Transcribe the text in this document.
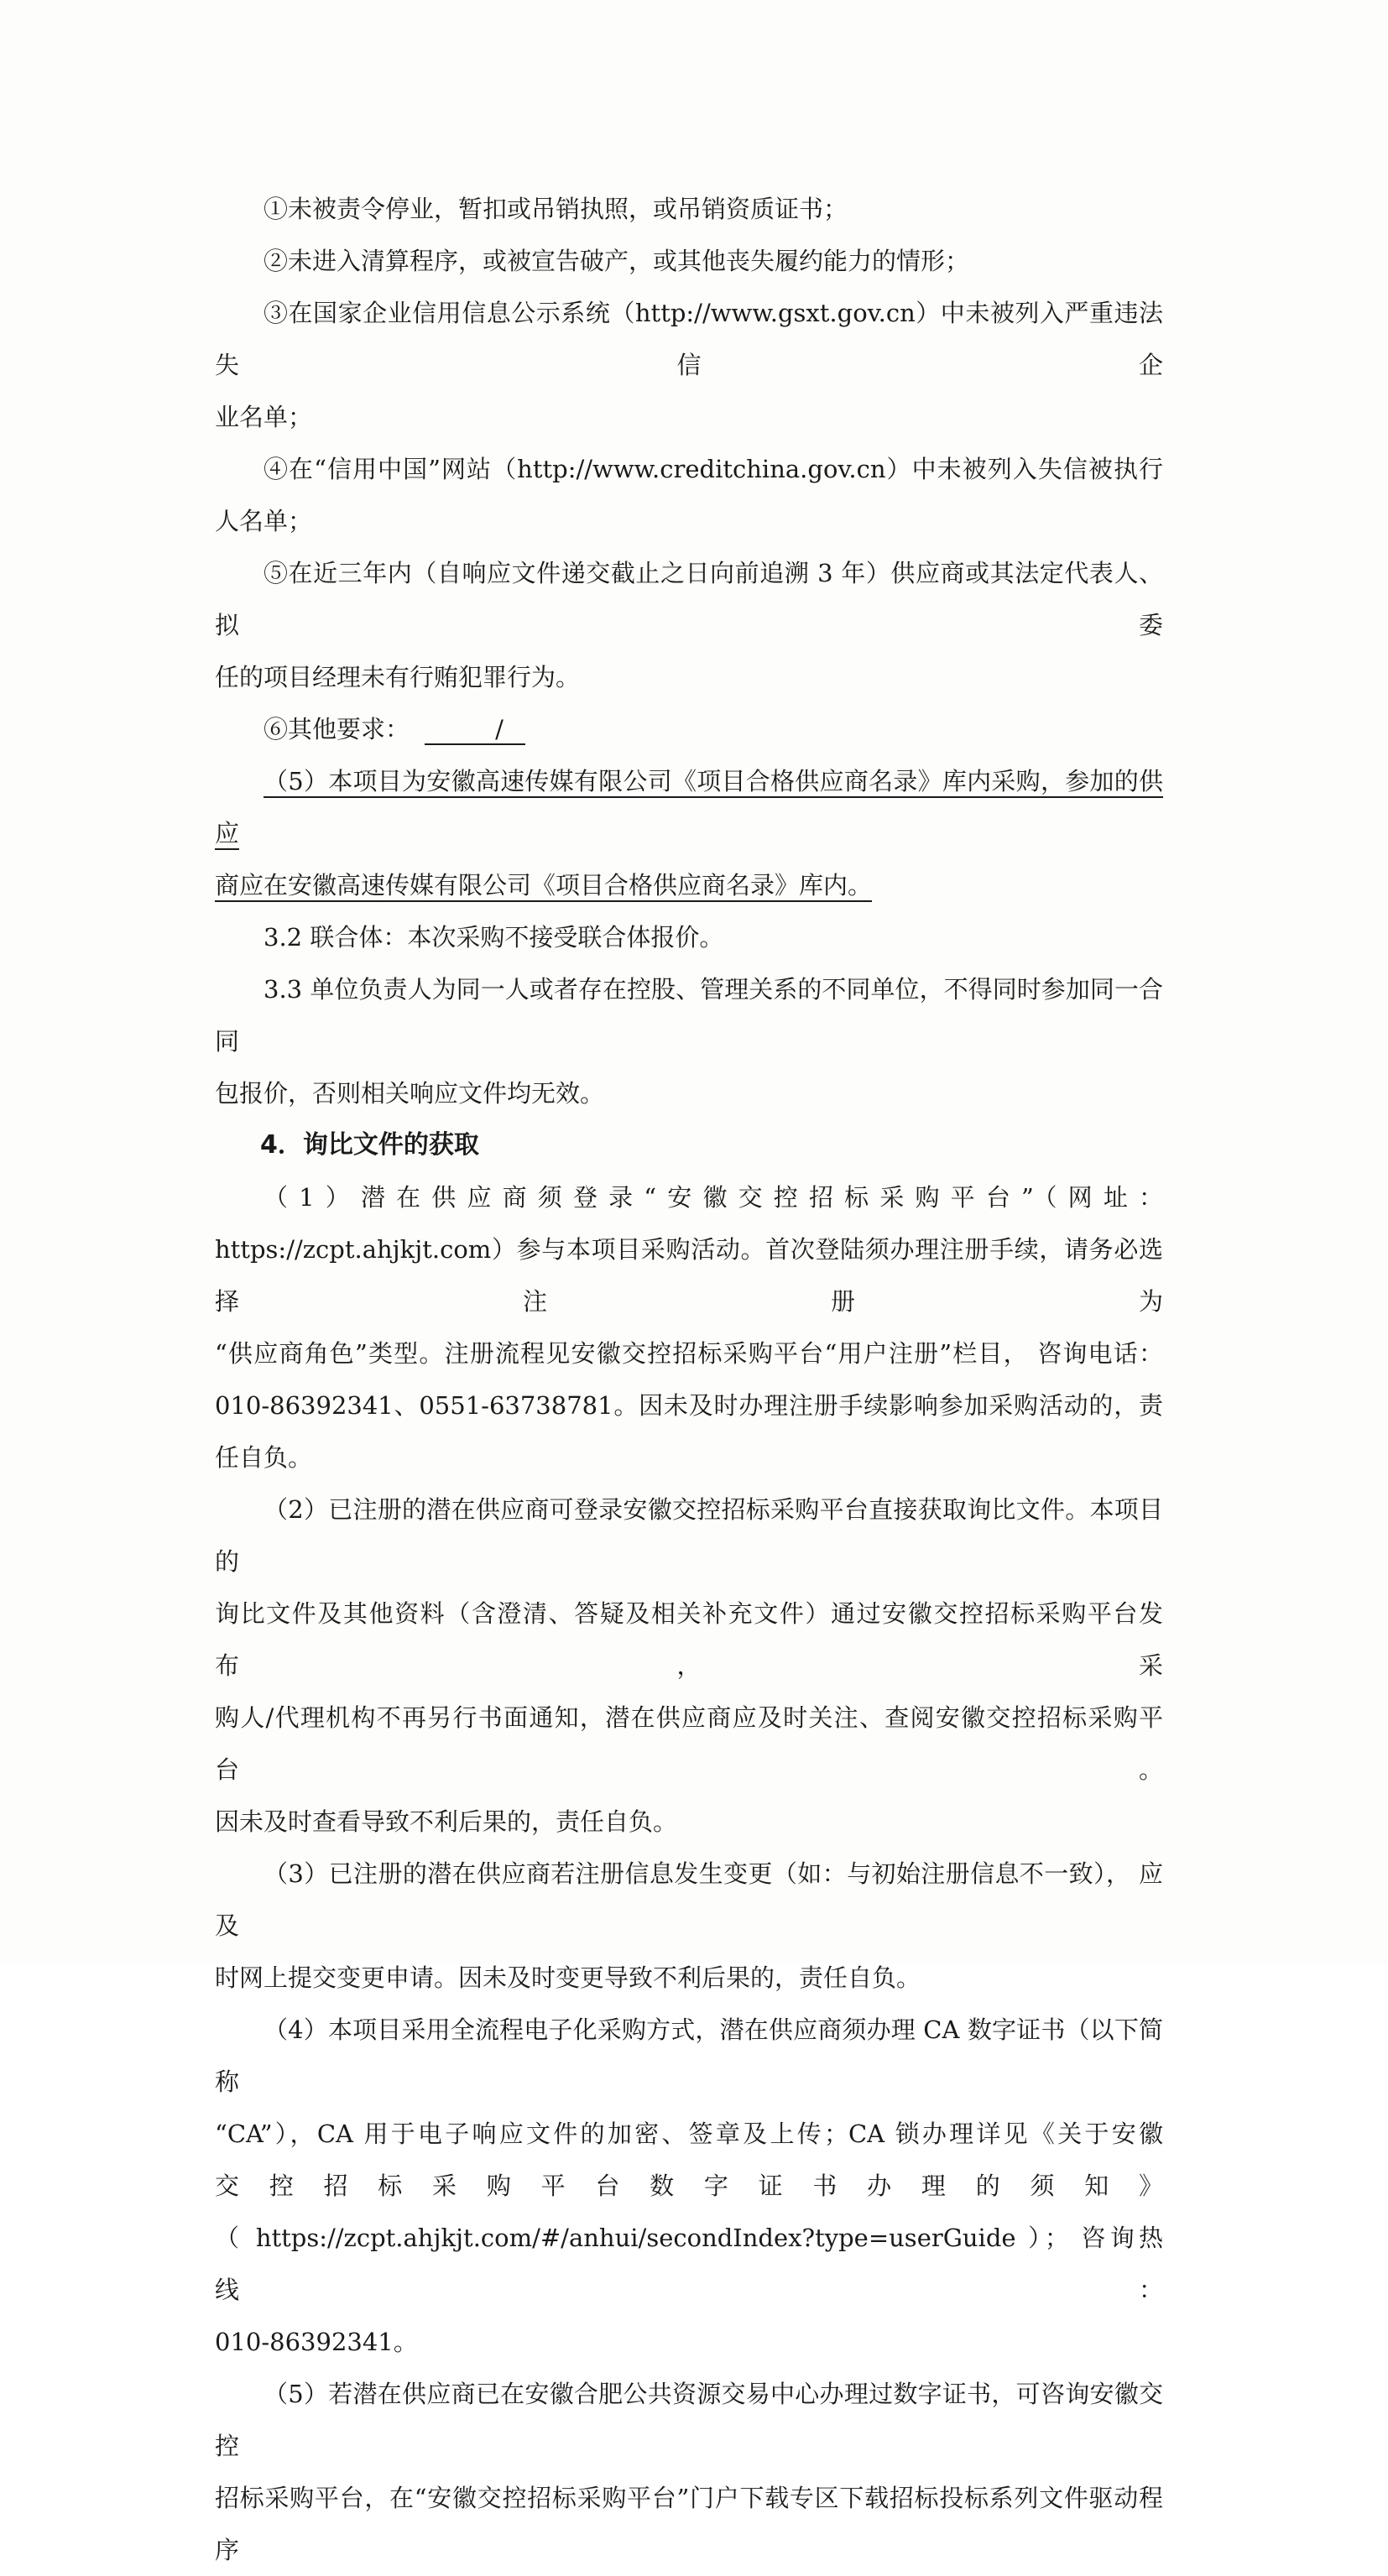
①未被责令停业，暂扣或吊销执照，或吊销资质证书；

②未进入清算程序，或被宣告破产，或其他丧失履约能力的情形；

③在国家企业信用信息公示系统（http://www.gsxt.gov.cn）中未被列入严重违法失信企

业名单；

④在“信用中国”网站（http://www.creditchina.gov.cn）中未被列入失信被执行人名单；

⑤在近三年内（自响应文件递交截止之日向前追溯 3 年）供应商或其法定代表人、拟委

任的项目经理未有行贿犯罪行为。

⑥其他要求：	/

（5）本项目为安徽高速传媒有限公司《项目合格供应商名录》库内采购，参加的供应

商应在安徽高速传媒有限公司《项目合格供应商名录》库内。

3.2 联合体：本次采购不接受联合体报价。

3.3 单位负责人为同一人或者存在控股、管理关系的不同单位，不得同时参加同一合同

包报价，否则相关响应文件均无效。

4．询比文件的获取

（1）潜在供应商须登录“安徽交控招标采购平台”（网址：

https://zcpt.ahjkjt.com）参与本项目采购活动。首次登陆须办理注册手续，请务必选择注册为

“供应商角色”类型。注册流程见安徽交控招标采购平台“用户注册”栏目， 咨询电话：

010-86392341、0551-63738781。因未及时办理注册手续影响参加采购活动的，责任自负。

（2）已注册的潜在供应商可登录安徽交控招标采购平台直接获取询比文件。本项目的

询比文件及其他资料（含澄清、答疑及相关补充文件）通过安徽交控招标采购平台发布，采

购人/代理机构不再另行书面通知，潜在供应商应及时关注、查阅安徽交控招标采购平台。

因未及时查看导致不利后果的，责任自负。

（3）已注册的潜在供应商若注册信息发生变更（如：与初始注册信息不一致）， 应及

时网上提交变更申请。因未及时变更导致不利后果的，责任自负。

（4）本项目采用全流程电子化采购方式，潜在供应商须办理 CA 数字证书（以下简称

“CA”），CA 用于电子响应文件的加密、签章及上传；CA 锁办理详见《关于安徽

交控招标采购平台数字证书办理的须知》

（ https://zcpt.ahjkjt.com/#/anhui/secondIndex?type=userGuide ）； 咨询热线：

010-86392341。

（5）若潜在供应商已在安徽合肥公共资源交易中心办理过数字证书，可咨询安徽交控

招标采购平台，在“安徽交控招标采购平台”门户下载专区下载招标投标系列文件驱动程序
